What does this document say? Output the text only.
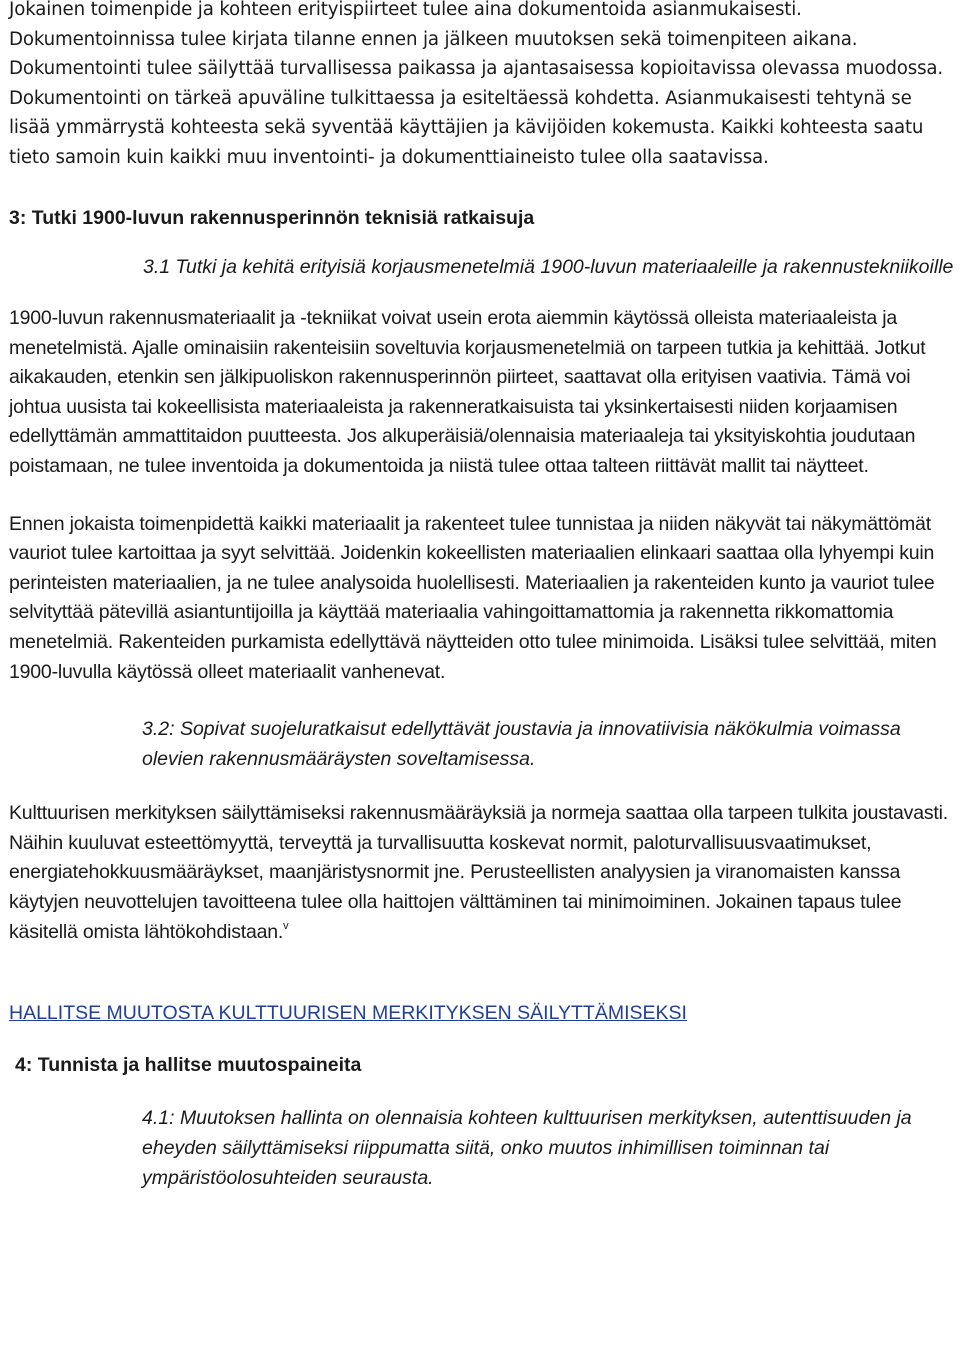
Jokainen toimenpide ja kohteen erityispiirteet tulee aina dokumentoida asianmukaisesti. Dokumentoinnissa tulee kirjata tilanne ennen ja jälkeen muutoksen sekä toimenpiteen aikana. Dokumentointi tulee säilyttää turvallisessa paikassa ja ajantasaisessa kopioitavissa olevassa muodossa. Dokumentointi on tärkeä apuväline tulkittaessa ja esiteltäessä kohdetta. Asianmukaisesti tehtynä se lisää ymmärrystä kohteesta sekä syventää käyttäjien ja kävijöiden kokemusta. Kaikki kohteesta saatu tieto samoin kuin kaikki muu inventointi- ja dokumenttiaineisto tulee olla saatavissa.

3: Tutki 1900-luvun rakennusperinnön teknisiä ratkaisuja

3.1 Tutki ja kehitä erityisiä korjausmenetelmiä 1900-luvun materiaaleille ja rakennustekniikoille

1900-luvun rakennusmateriaalit ja -tekniikat voivat usein erota aiemmin käytössä olleista materiaaleista ja menetelmistä. Ajalle ominaisiin rakenteisiin soveltuvia korjausmenetelmiä on tarpeen tutkia ja kehittää. Jotkut aikakauden, etenkin sen jälkipuoliskon rakennusperinnön piirteet, saattavat olla erityisen vaativia. Tämä voi johtua uusista tai kokeellisista materiaaleista ja rakenneratkaisuista tai yksinkertaisesti niiden korjaamisen edellyttämän ammattitaidon puutteesta. Jos alkuperäisiä/olennaisia materiaaleja tai yksityiskohtia joudutaan poistamaan, ne tulee inventoida ja dokumentoida ja niistä tulee ottaa talteen riittävät mallit tai näytteet.

Ennen jokaista toimenpidettä kaikki materiaalit ja rakenteet tulee tunnistaa ja niiden näkyvät tai näkymättömät vauriot tulee kartoittaa ja syyt selvittää. Joidenkin kokeellisten materiaalien elinkaari saattaa olla lyhyempi kuin perinteisten materiaalien, ja ne tulee analysoida huolellisesti. Materiaalien ja rakenteiden kunto ja vauriot tulee selvityttää pätevillä asiantuntijoilla ja käyttää materiaalia vahingoittamattomia ja rakennetta rikkomattomia menetelmiä. Rakenteiden purkamista edellyttävä näytteiden otto tulee minimoida. Lisäksi tulee selvittää, miten 1900-luvulla käytössä olleet materiaalit vanhenevat.

3.2: Sopivat suojeluratkaisut edellyttävät joustavia ja innovatiivisia näkökulmia voimassa olevien rakennusmääräysten soveltamisessa.

Kulttuurisen merkityksen säilyttämiseksi rakennusmääräyksiä ja normeja saattaa olla tarpeen tulkita joustavasti. Näihin kuuluvat esteettömyyttä, terveyttä ja turvallisuutta koskevat normit, paloturvallisuusvaatimukset, energiatehokkuusmääräykset, maanjäristysnormit jne. Perusteellisten analyysien ja viranomaisten kanssa käytyjen neuvottelujen tavoitteena tulee olla haittojen välttäminen tai minimoiminen. Jokainen tapaus tulee käsitellä omista lähtökohdistaan.$^v$

HALLITSE MUUTOSTA KULTTUURISEN MERKITYKSEN SÄILYTTÄMISEKSI
4: Tunnista ja hallitse muutospaineita

4.1: Muutoksen hallinta on olennaisia kohteen kulttuurisen merkityksen, autenttisuuden ja eheyden säilyttämiseksi riippumatta siitä, onko muutos inhimillisen toiminnan tai ympäristöolosuhteiden seurausta.
